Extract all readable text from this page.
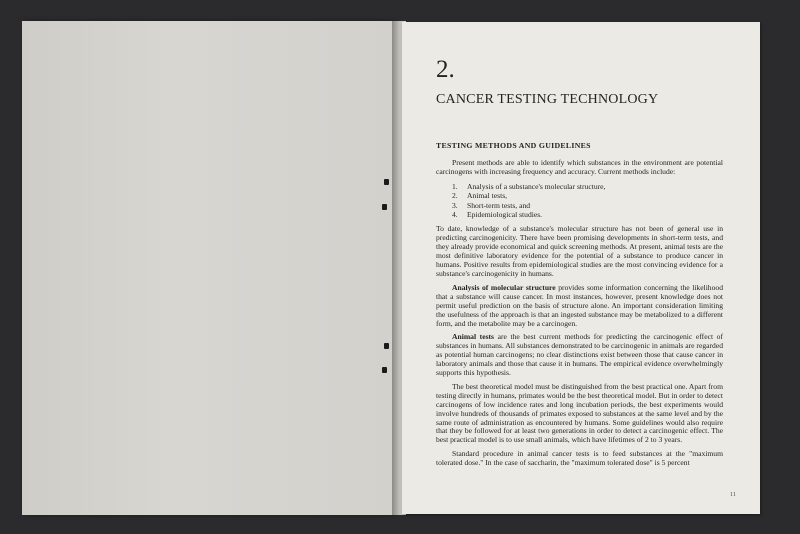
2.
CANCER TESTING TECHNOLOGY
TESTING METHODS AND GUIDELINES

Present methods are able to identify which substances in the environment are potential carcinogens with increasing frequency and accuracy. Current methods include:

1. Analysis of a substance's molecular structure,
2. Animal tests,
3. Short-term tests, and
4. Epidemiological studies.

To date, knowledge of a substance's molecular structure has not been of general use in predicting carcinogenicity. There have been promising developments in short-term tests, and they already provide economical and quick screening methods. At present, animal tests are the most definitive laboratory evidence for the potential of a substance to produce cancer in humans. Positive results from epidemiological studies are the most convincing evidence for a substance's carcinogenicity in humans.

Analysis of molecular structure provides some information concerning the likelihood that a substance will cause cancer. In most instances, however, present knowledge does not permit useful prediction on the basis of structure alone. An important consideration limiting the usefulness of the approach is that an ingested substance may be metabolized to a different form, and the metabolite may be a carcinogen.

Animal tests are the best current methods for predicting the carcinogenic effect of substances in humans. All substances demonstrated to be carcinogenic in animals are regarded as potential human carcinogens; no clear distinctions exist between those that cause cancer in laboratory animals and those that cause it in humans. The empirical evidence overwhelmingly supports this hypothesis.

The best theoretical model must be distinguished from the best practical one. Apart from testing directly in humans, primates would be the best theoretical model. But in order to detect carcinogens of low incidence rates and long incubation periods, the best experiments would involve hundreds of thousands of primates exposed to substances at the same level and by the same route of administration as encountered by humans. Some guidelines would also require that they be followed for at least two generations in order to detect a carcinogenic effect. The best practical model is to use small animals, which have lifetimes of 2 to 3 years.

Standard procedure in animal cancer tests is to feed substances at the "maximum tolerated dose." In the case of saccharin, the "maximum tolerated dose" is 5 percent

11
